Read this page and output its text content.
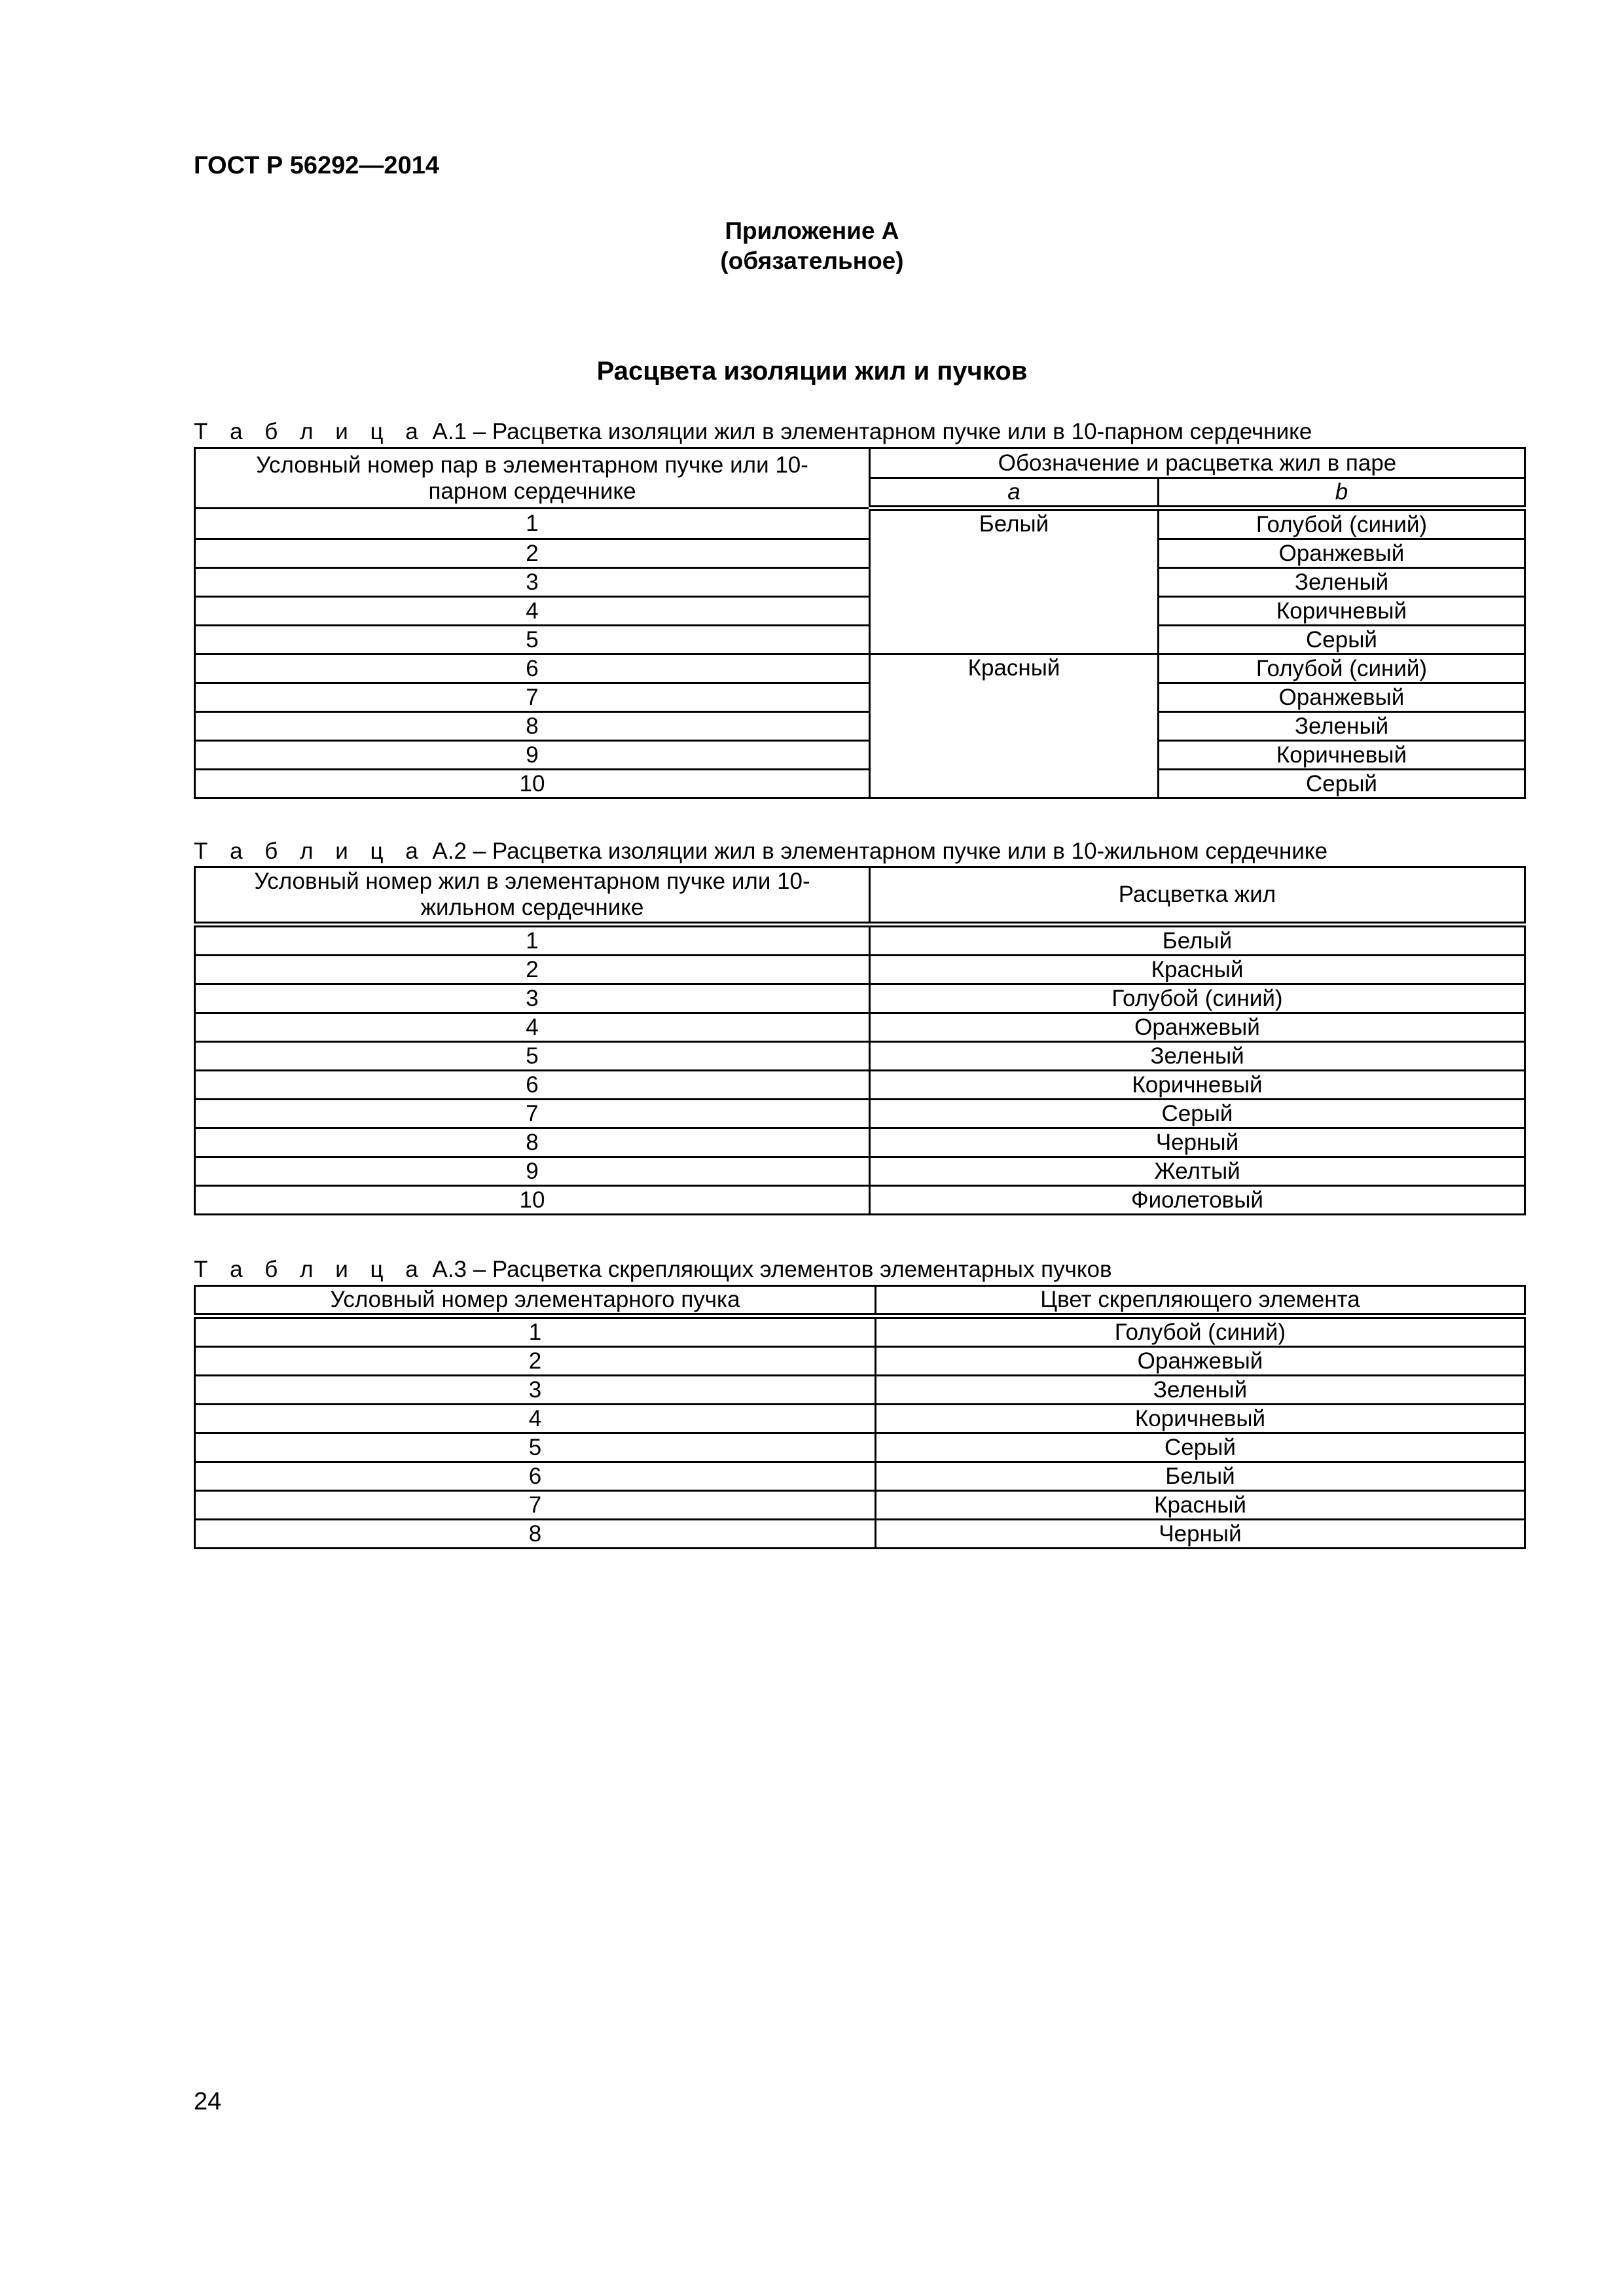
ГОСТ Р 56292—2014
Приложение А
(обязательное)
Расцвета изоляции жил и пучков
Т а б л и ц а А.1 – Расцветка изоляции жил в элементарном пучке или в 10-парном сердечнике
Условный номер пар в элементарном пучке или 10-парном сердечнике	Обозначение и расцветка жил в паре	
	a	b
1	Белый	Голубой (синий)
2		Оранжевый
3		Зеленый
4		Коричневый
5		Серый
6	Красный	Голубой (синий)
7		Оранжевый
8		Зеленый
9		Коричневый
10		Серый
Т а б л и ц а А.2 – Расцветка изоляции жил в элементарном пучке или в 10-жильном сердечнике
Условный номер жил в элементарном пучке или 10-жильном сердечнике	Расцветка жил
1	Белый
2	Красный
3	Голубой (синий)
4	Оранжевый
5	Зеленый
6	Коричневый
7	Серый
8	Черный
9	Желтый
10	Фиолетовый
Т а б л и ц а А.3 – Расцветка скрепляющих элементов элементарных пучков
Условный номер элементарного пучка	Цвет скрепляющего элемента
1	Голубой (синий)
2	Оранжевый
3	Зеленый
4	Коричневый
5	Серый
6	Белый
7	Красный
8	Черный
24
